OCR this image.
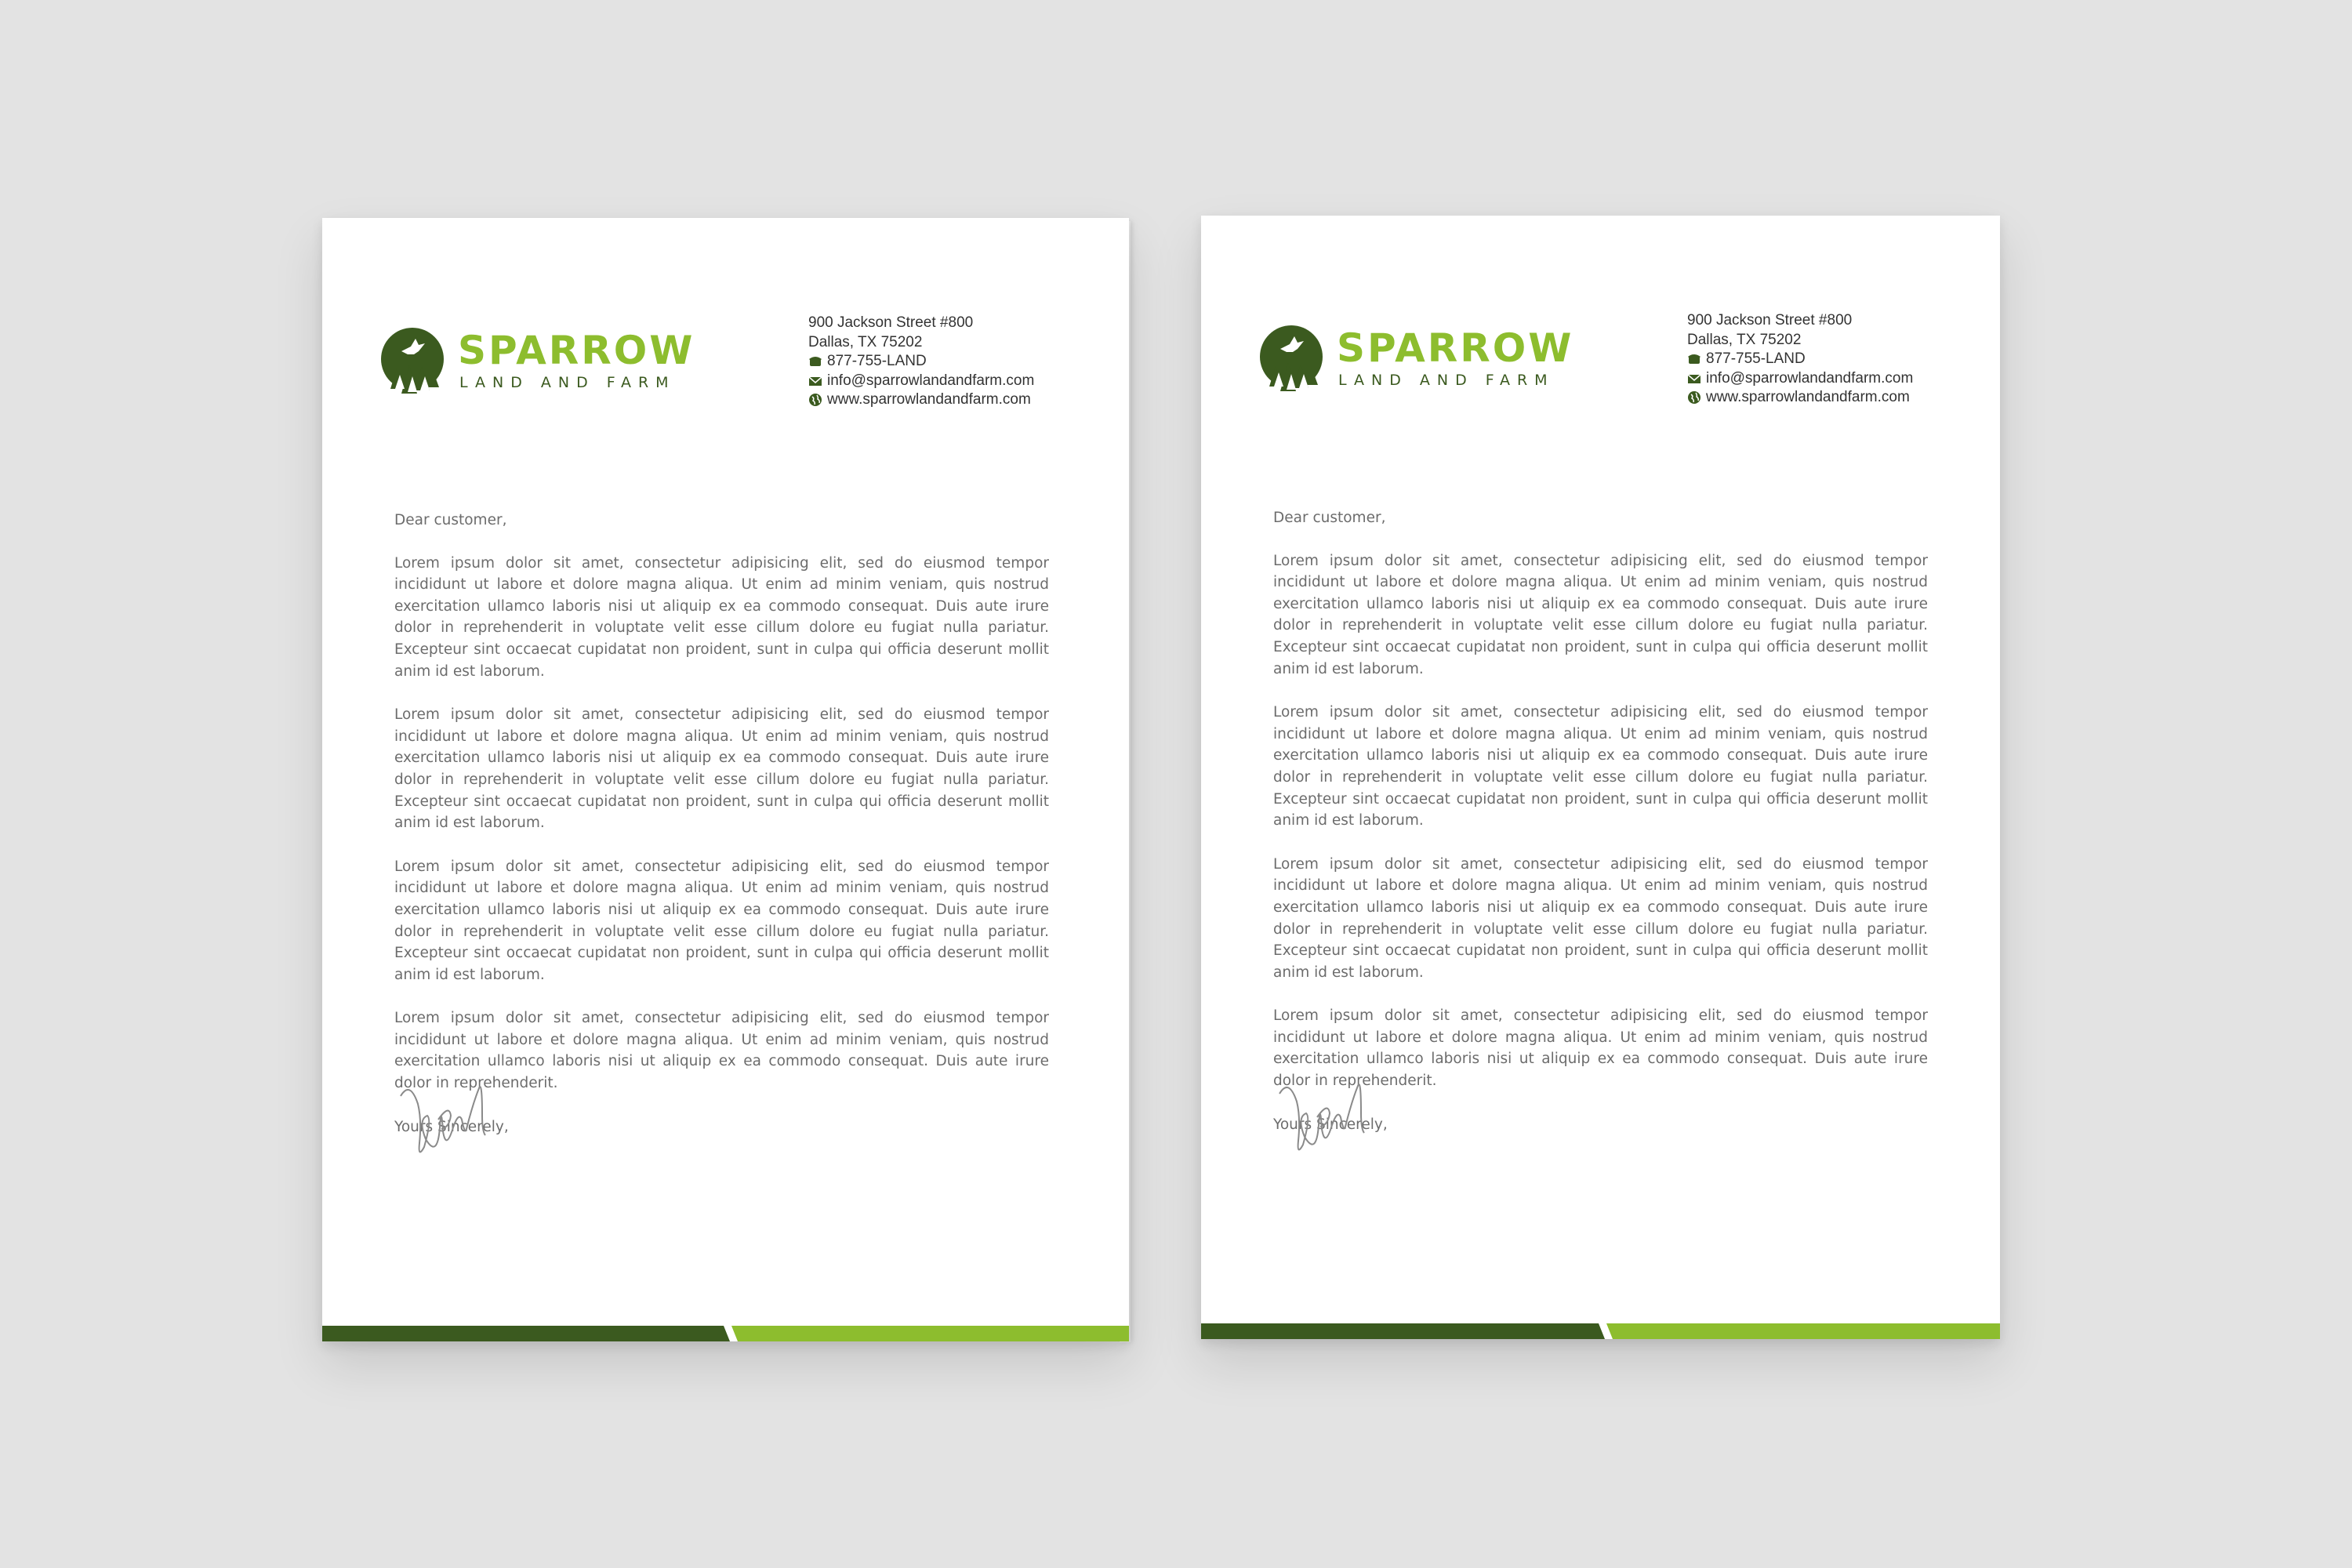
SPARROW
LAND AND FARM
900 Jackson Street #800
Dallas, TX 75202
877-755-LAND
info@sparrowlandandfarm.com
www.sparrowlandandfarm.com
Dear customer,
Lorem ipsum dolor sit amet, consectetur adipisicing elit, sed do eiusmod tempor incididunt ut labore et dolore magna aliqua. Ut enim ad minim veniam, quis nostrud exercitation ullamco laboris nisi ut aliquip ex ea commodo consequat. Duis aute irure dolor in reprehenderit in voluptate velit esse cillum dolore eu fugiat nulla pariatur. Excepteur sint occaecat cupidatat non proident, sunt in culpa qui officia deserunt mollit anim id est laborum.
Lorem ipsum dolor sit amet, consectetur adipisicing elit, sed do eiusmod tempor incididunt ut labore et dolore magna aliqua. Ut enim ad minim veniam, quis nostrud exercitation ullamco laboris nisi ut aliquip ex ea commodo consequat. Duis aute irure dolor in reprehenderit in voluptate velit esse cillum dolore eu fugiat nulla pariatur. Excepteur sint occaecat cupidatat non proident, sunt in culpa qui officia deserunt mollit anim id est laborum.
Lorem ipsum dolor sit amet, consectetur adipisicing elit, sed do eiusmod tempor incididunt ut labore et dolore magna aliqua. Ut enim ad minim veniam, quis nostrud exercitation ullamco laboris nisi ut aliquip ex ea commodo consequat. Duis aute irure dolor in reprehenderit in voluptate velit esse cillum dolore eu fugiat nulla pariatur. Excepteur sint occaecat cupidatat non proident, sunt in culpa qui officia deserunt mollit anim id est laborum.
Lorem ipsum dolor sit amet, consectetur adipisicing elit, sed do eiusmod tempor incididunt ut labore et dolore magna aliqua. Ut enim ad minim veniam, quis nostrud exercitation ullamco laboris nisi ut aliquip ex ea commodo consequat. Duis aute irure dolor in reprehenderit.
Yours Sincerely,
SPARROW
LAND AND FARM
900 Jackson Street #800
Dallas, TX 75202
877-755-LAND
info@sparrowlandandfarm.com
www.sparrowlandandfarm.com
Dear customer,
Lorem ipsum dolor sit amet, consectetur adipisicing elit, sed do eiusmod tempor incididunt ut labore et dolore magna aliqua. Ut enim ad minim veniam, quis nostrud exercitation ullamco laboris nisi ut aliquip ex ea commodo consequat. Duis aute irure dolor in reprehenderit in voluptate velit esse cillum dolore eu fugiat nulla pariatur. Excepteur sint occaecat cupidatat non proident, sunt in culpa qui officia deserunt mollit anim id est laborum.
Lorem ipsum dolor sit amet, consectetur adipisicing elit, sed do eiusmod tempor incididunt ut labore et dolore magna aliqua. Ut enim ad minim veniam, quis nostrud exercitation ullamco laboris nisi ut aliquip ex ea commodo consequat. Duis aute irure dolor in reprehenderit in voluptate velit esse cillum dolore eu fugiat nulla pariatur. Excepteur sint occaecat cupidatat non proident, sunt in culpa qui officia deserunt mollit anim id est laborum.
Lorem ipsum dolor sit amet, consectetur adipisicing elit, sed do eiusmod tempor incididunt ut labore et dolore magna aliqua. Ut enim ad minim veniam, quis nostrud exercitation ullamco laboris nisi ut aliquip ex ea commodo consequat. Duis aute irure dolor in reprehenderit in voluptate velit esse cillum dolore eu fugiat nulla pariatur. Excepteur sint occaecat cupidatat non proident, sunt in culpa qui officia deserunt mollit anim id est laborum.
Lorem ipsum dolor sit amet, consectetur adipisicing elit, sed do eiusmod tempor incididunt ut labore et dolore magna aliqua. Ut enim ad minim veniam, quis nostrud exercitation ullamco laboris nisi ut aliquip ex ea commodo consequat. Duis aute irure dolor in reprehenderit.
Yours Sincerely,
